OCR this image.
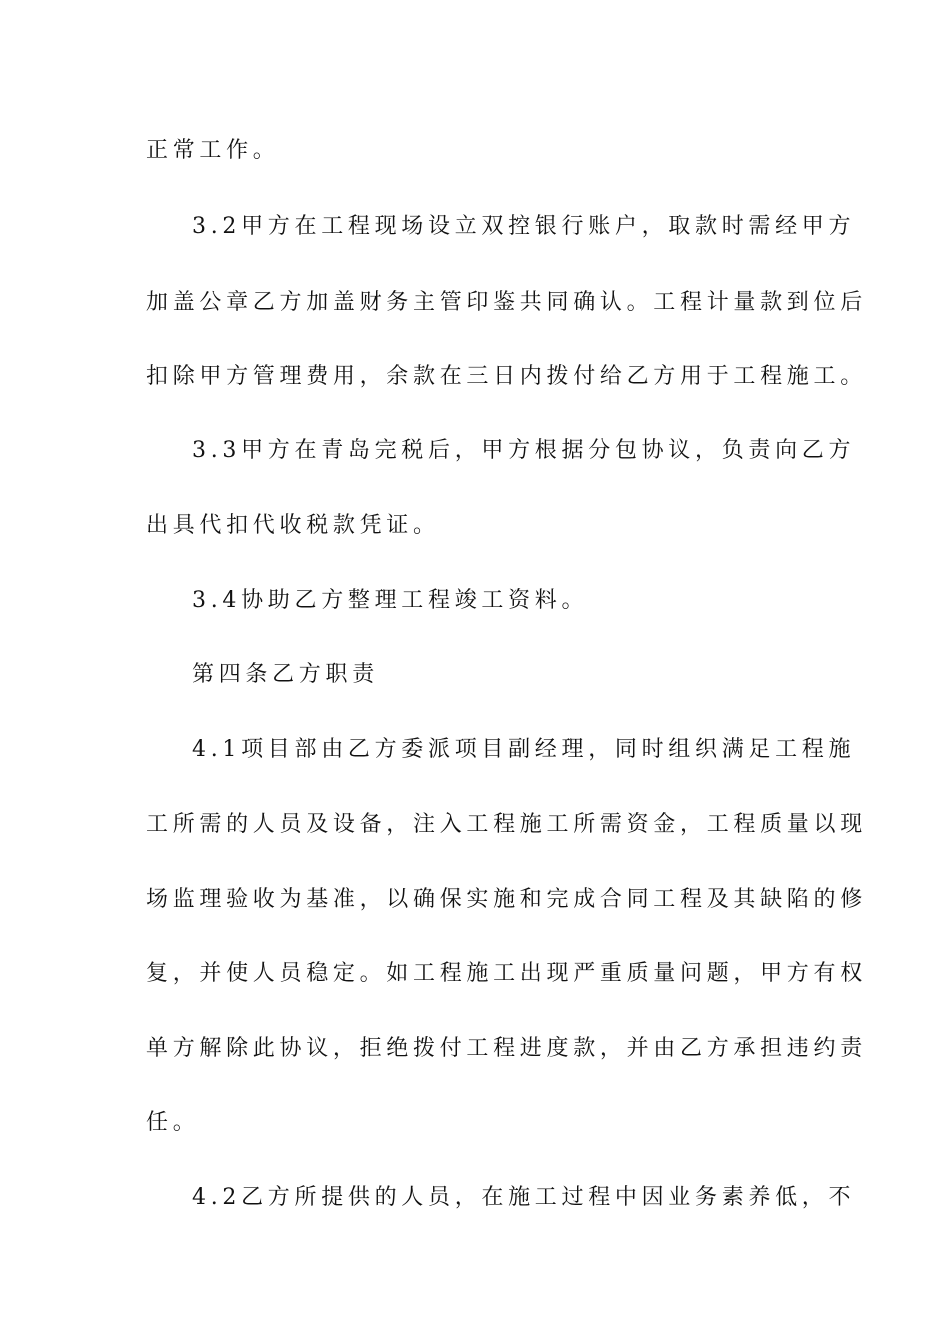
正常工作。
3.2甲方在工程现场设立双控银行账户，取款时需经甲方
加盖公章乙方加盖财务主管印鉴共同确认。工程计量款到位后
扣除甲方管理费用，余款在三日内拨付给乙方用于工程施工。
3.3甲方在青岛完税后，甲方根据分包协议，负责向乙方
出具代扣代收税款凭证。
3.4协助乙方整理工程竣工资料。
第四条乙方职责
4.1项目部由乙方委派项目副经理，同时组织满足工程施
工所需的人员及设备，注入工程施工所需资金，工程质量以现
场监理验收为基准，以确保实施和完成合同工程及其缺陷的修
复，并使人员稳定。如工程施工出现严重质量问题，甲方有权
单方解除此协议，拒绝拨付工程进度款，并由乙方承担违约责
任。
4.2乙方所提供的人员，在施工过程中因业务素养低，不
